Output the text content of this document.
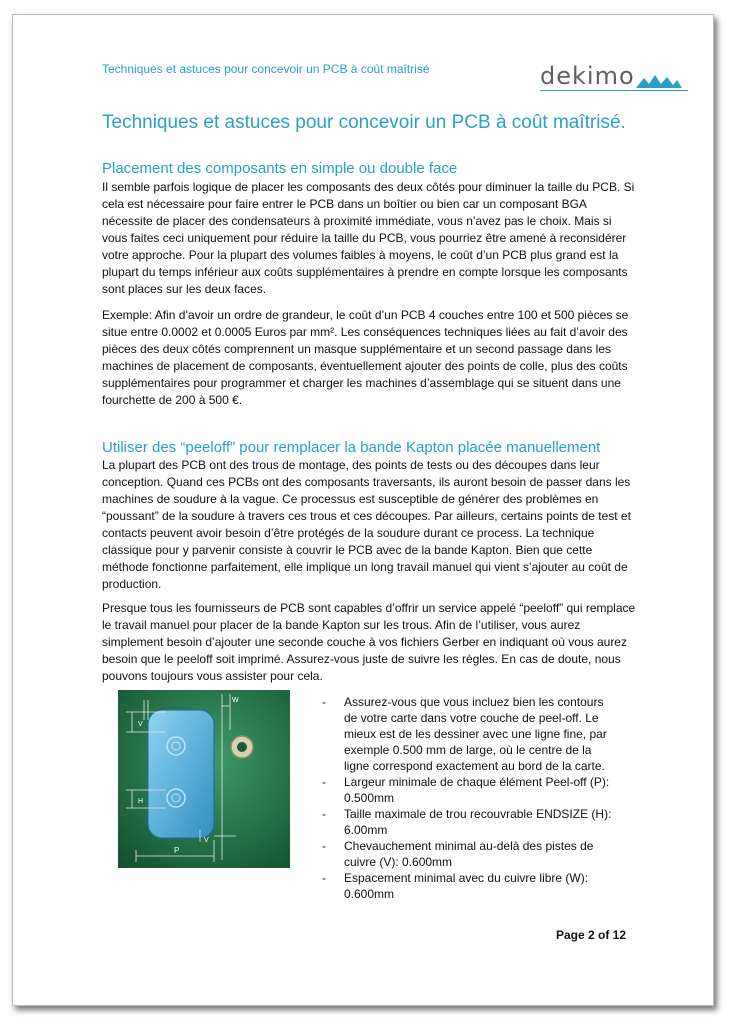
Techniques et astuces pour concevoir un PCB à coût maîtrisé	dekimo
Techniques et astuces pour concevoir un PCB à coût maîtrisé.
Placement des composants en simple ou double face

Il semble parfois logique de placer les composants des deux côtés pour diminuer la taille du PCB. Si cela est nécessaire pour faire entrer le PCB dans un boîtier ou bien car un composant BGA nécessite de placer des condensateurs à proximité immédiate, vous n’avez pas le choix. Mais si vous faites ceci uniquement pour réduire la taille du PCB, vous pourriez être amené à reconsidérer votre approche. Pour la plupart des volumes faibles à moyens, le coût d’un PCB plus grand est la plupart du temps inférieur aux coûts supplémentaires à prendre en compte lorsque les composants sont places sur les deux faces.

Exemple: Afin d’avoir un ordre de grandeur, le coût d’un PCB 4 couches entre 100 et 500 pièces se situe entre 0.0002 et 0.0005 Euros par mm². Les conséquences techniques liées au fait d’avoir des pièces des deux côtés comprennent un masque supplémentaire et un second passage dans les machines de placement de composants, éventuellement ajouter des points de colle, plus des coûts supplémentaires pour programmer et charger les machines d’assemblage qui se situent dans une fourchette de 200 à 500 €.

Utiliser des “peeloff” pour remplacer la bande Kapton placée manuellement

La plupart des PCB ont des trous de montage, des points de tests ou des découpes dans leur conception. Quand ces PCBs ont des composants traversants, ils auront besoin de passer dans les machines de soudure à la vague. Ce processus est susceptible de générer des problèmes en “poussant” de la soudure à travers ces trous et ces découpes. Par ailleurs, certains points de test et contacts peuvent avoir besoin d’être protégés de la soudure durant ce process. La technique classique pour y parvenir consiste à couvrir le PCB avec de la bande Kapton. Bien que cette méthode fonctionne parfaitement, elle implique un long travail manuel qui vient s’ajouter au coût de production.

Presque tous les fournisseurs de PCB sont capables d’offrir un service appelé “peeloff” qui remplace le travail manuel pour placer de la bande Kapton sur les trous. Afin de l’utiliser, vous aurez simplement besoin d’ajouter une seconde couche à vos fichiers Gerber en indiquant où vous aurez besoin que le peeloff soit imprimé. Assurez-vous juste de suivre les règles. En cas de doute, nous pouvons toujours vous assister pour cela.

V
H
W
V
P
- Assurez-vous que vous incluez bien les contours de votre carte dans votre couche de peel-off. Le mieux est de les dessiner avec une ligne fine, par exemple 0.500 mm de large, où le centre de la ligne correspond exactement au bord de la carte.
- Largeur minimale de chaque élément Peel-off (P): 0.500mm
- Taille maximale de trou recouvrable ENDSIZE (H): 6.00mm
- Chevauchement minimal au-delà des pistes de cuivre (V): 0.600mm
- Espacement minimal avec du cuivre libre (W): 0.600mm
Page 2 of 12
